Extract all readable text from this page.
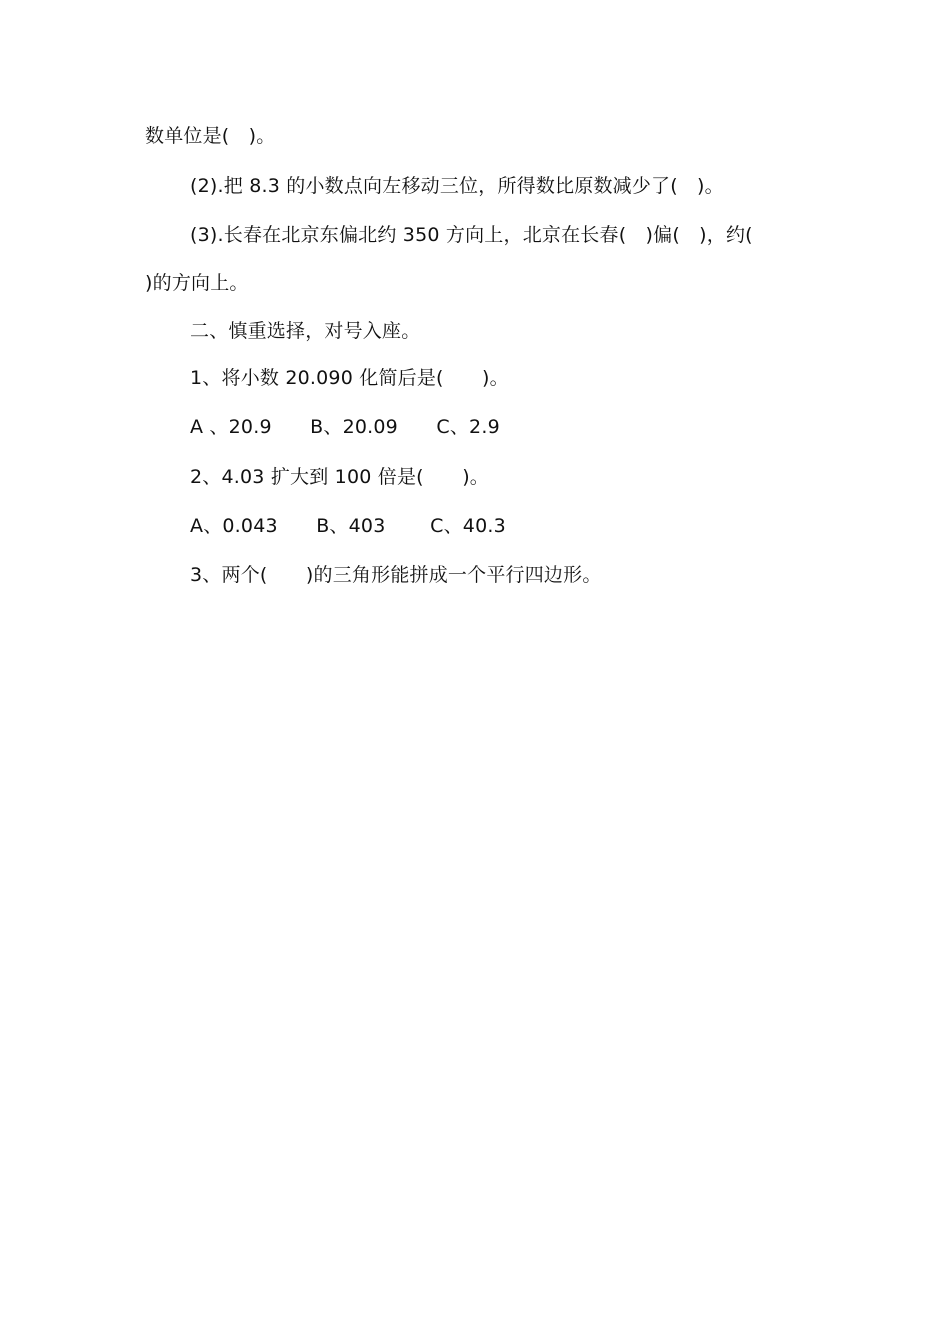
数单位是(　)。
(2).把 8.3 的小数点向左移动三位，所得数比原数减少了(　)。
(3).长春在北京东偏北约 350 方向上，北京在长春(　)偏(　)，约(
)的方向上。
二、慎重选择，对号入座。
1、将小数 20.090 化简后是(　　)。
A 、20.9　　B、20.09　　C、2.9
2、4.03 扩大到 100 倍是(　　)。
A、0.043　　B、403　　 C、40.3
3、两个(　　)的三角形能拼成一个平行四边形。
